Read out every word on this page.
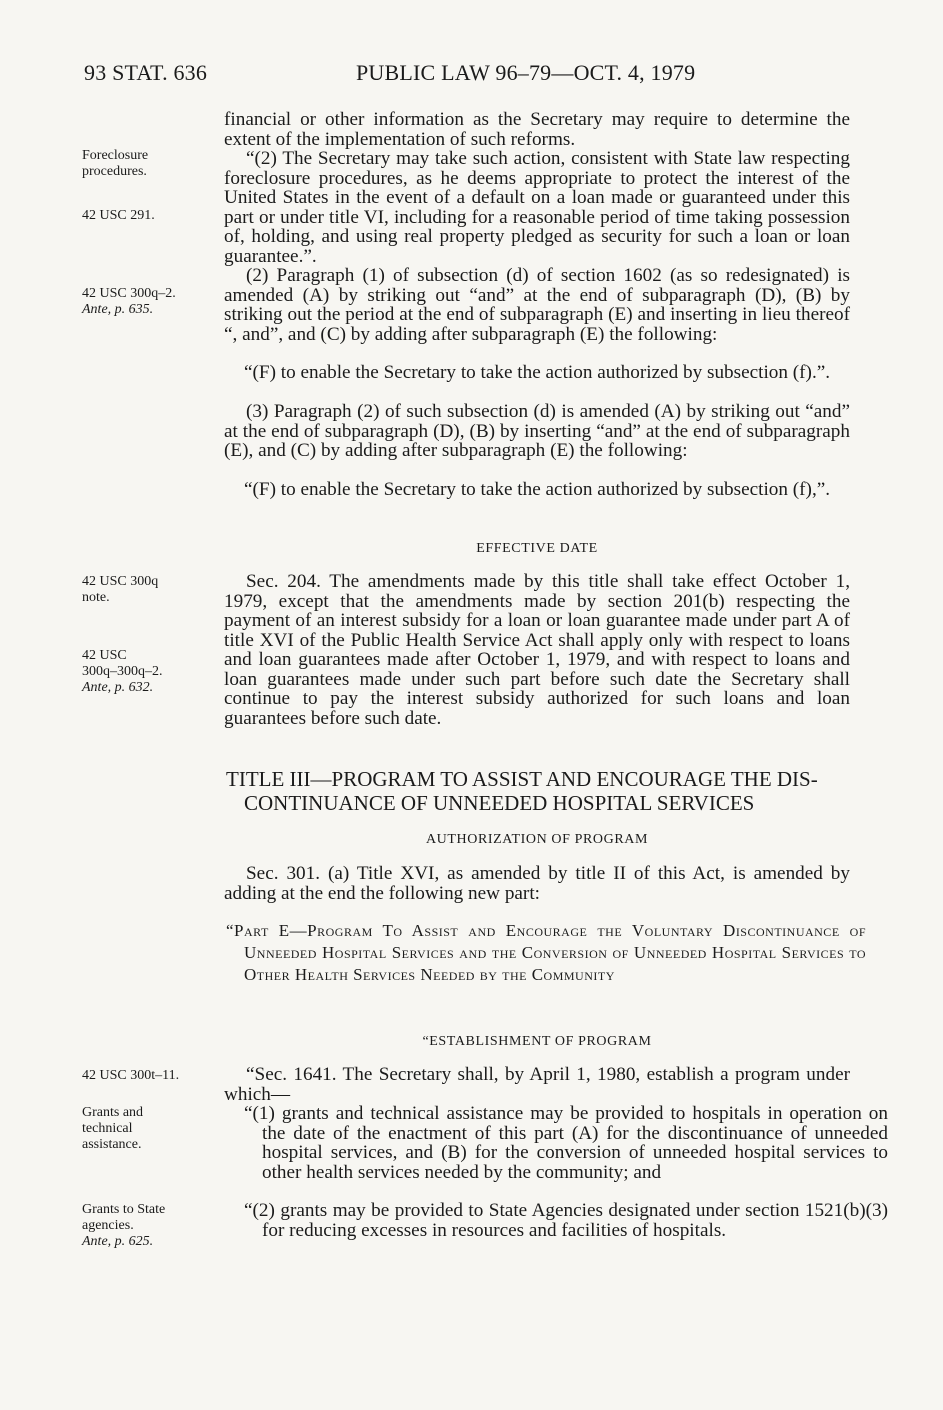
93 STAT. 636	PUBLIC LAW 96–79—OCT. 4, 1979
Foreclosure
procedures.
42 USC 291.
42 USC 300q–2.
Ante, p. 635.
42 USC 300q
note.
42 USC
300q–300q–2.
Ante, p. 632.
42 USC 300t–11.
Grants and
technical
assistance.
Grants to State
agencies.
Ante, p. 625.
financial or other information as the Secretary may require to determine the extent of the implementation of such reforms.
“(2) The Secretary may take such action, consistent with State law respecting foreclosure procedures, as he deems appropriate to protect the interest of the United States in the event of a default on a loan made or guaranteed under this part or under title VI, including for a reasonable period of time taking possession of, holding, and using real property pledged as security for such a loan or loan guarantee.”.
(2) Paragraph (1) of subsection (d) of section 1602 (as so redesignated) is amended (A) by striking out “and” at the end of subparagraph (D), (B) by striking out the period at the end of subparagraph (E) and inserting in lieu thereof “, and”, and (C) by adding after subparagraph (E) the following:
“(F) to enable the Secretary to take the action authorized by subsection (f).”.
(3) Paragraph (2) of such subsection (d) is amended (A) by striking out “and” at the end of subparagraph (D), (B) by inserting “and” at the end of subparagraph (E), and (C) by adding after subparagraph (E) the following:
“(F) to enable the Secretary to take the action authorized by subsection (f),”.
EFFECTIVE DATE
Sec. 204. The amendments made by this title shall take effect October 1, 1979, except that the amendments made by section 201(b) respecting the payment of an interest subsidy for a loan or loan guarantee made under part A of title XVI of the Public Health Service Act shall apply only with respect to loans and loan guarantees made after October 1, 1979, and with respect to loans and loan guarantees made under such part before such date the Secretary shall continue to pay the interest subsidy authorized for such loans and loan guarantees before such date.
TITLE III—PROGRAM TO ASSIST AND ENCOURAGE THE DIS-
CONTINUANCE OF UNNEEDED HOSPITAL SERVICES
AUTHORIZATION OF PROGRAM
Sec. 301. (a) Title XVI, as amended by title II of this Act, is amended by adding at the end the following new part:
“Part E—Program To Assist and Encourage the Voluntary Discontinuance of Unneeded Hospital Services and the Conversion of Unneeded Hospital Services to Other Health Services Needed by the Community
“ESTABLISHMENT OF PROGRAM
“Sec. 1641. The Secretary shall, by April 1, 1980, establish a program under which—
“(1) grants and technical assistance may be provided to hospitals in operation on the date of the enactment of this part (A) for the discontinuance of unneeded hospital services, and (B) for the conversion of unneeded hospital services to other health services needed by the community; and
“(2) grants may be provided to State Agencies designated under section 1521(b)(3) for reducing excesses in resources and facilities of hospitals.
